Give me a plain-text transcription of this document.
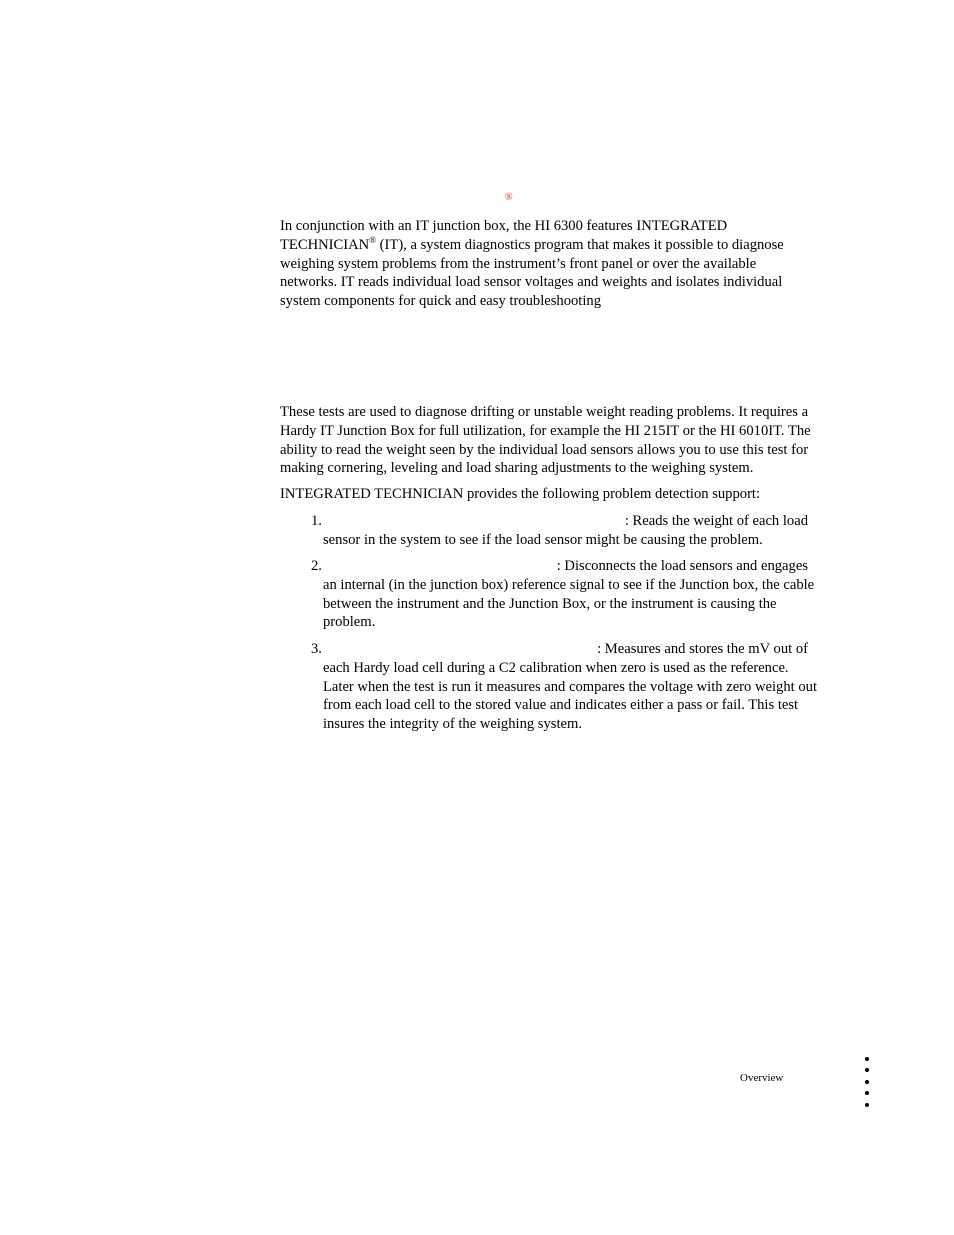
®
In conjunction with an IT junction box, the HI 6300 features INTEGRATED
TECHNICIAN® (IT), a system diagnostics program that makes it possible to diagnose
weighing system problems from the instrument’s front panel or over the available
networks. IT reads individual load sensor voltages and weights and isolates individual
system components for quick and easy troubleshooting
These tests are used to diagnose drifting or unstable weight reading problems. It requires a
Hardy IT Junction Box for full utilization, for example the HI 215IT or the HI 6010IT. The
ability to read the weight seen by the individual load sensors allows you to use this test for
making cornering, leveling and load sharing adjustments to the weighing system.
INTEGRATED TECHNICIAN provides the following problem detection support:
1.	: Reads the weight of each load
sensor in the system to see if the load sensor might be causing the problem.
2.	: Disconnects the load sensors and engages
an internal (in the junction box) reference signal to see if the Junction box, the cable
between the instrument and the Junction Box, or the instrument is causing the
problem.
3.	: Measures and stores the mV out of
each Hardy load cell during a C2 calibration when zero is used as the reference.
Later when the test is run it measures and compares the voltage with zero weight out
from each load cell to the stored value and indicates either a pass or fail. This test
insures the integrity of the weighing system.
Overview
